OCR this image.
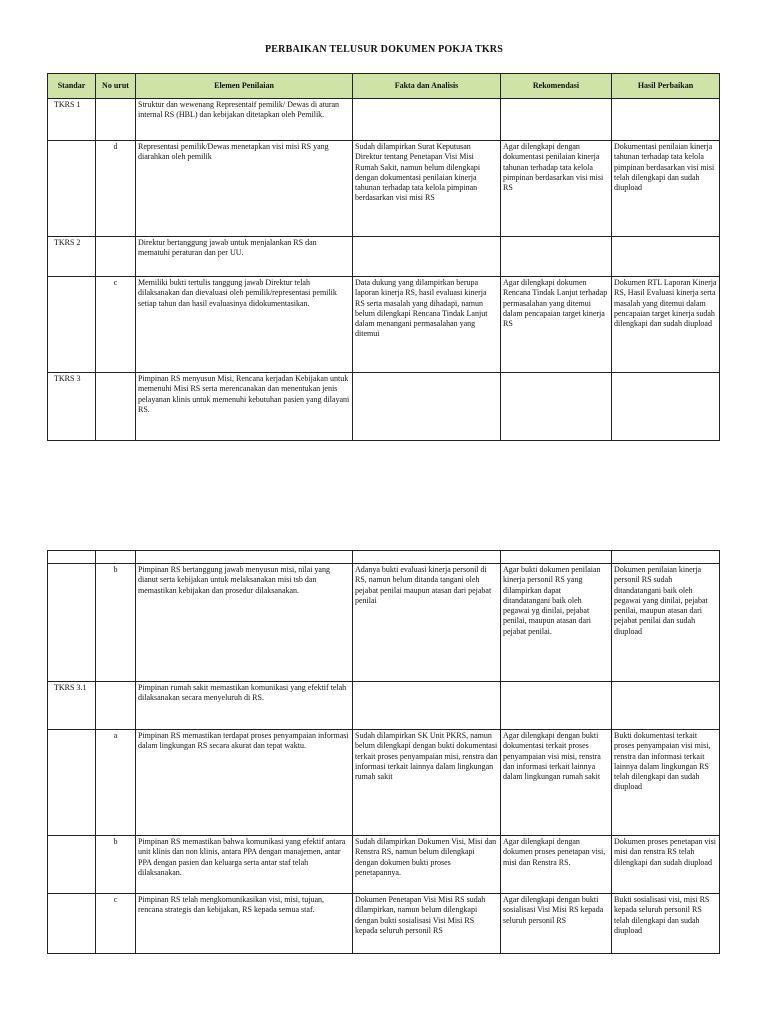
PERBAIKAN TELUSUR DOKUMEN POKJA TKRS
Standar	No urut	Elemen Penilaian	Fakta dan Analisis	Rekomendasi	Hasil Perbaikan
TKRS 1		Struktur dan wewenang Representaif pemilik/ Dewas di aturan internal RS (HBL) dan kebijakan ditetapkan oleh Pemilik.			
	d	Representasi pemilik/Dewas menetapkan visi misi RS yang diarahkan oleh pemilik	Sudah dilampirkan Surat Keputusan Direktur tentang Penetapan Visi Misi Rumah Sakit, namun belum dilengkapi dengan dokumentasi penilaian kinerja tahunan terhadap tata kelola pimpinan berdasarkan visi misi RS	Agar dilengkapi dengan dokumentasi penilaian kinerja tahunan terhadap tata kelola pimpinan berdasarkan visi misi RS	Dokumentasi penilaian kinerja tahunan terhadap tata kelola pimpinan berdasarkan visi misi telah dilengkapi dan sudah diupload
TKRS 2		Direktur bertanggung jawab untuk menjalankan RS dan mematuhi peraturan dan per UU.			
	c	Memiliki bukti tertulis tanggung jawab Direktur telah dilaksanakan dan dievaluasi oleh pemilik/representasi pemilik setiap tahun dan hasil evaluasinya didokumentasikan.	Data dukung yang dilampirkan berupa laporan kinerja RS, hasil evaluasi kinerja RS serta masalah yang dihadapi, namun belum dilengkapi Rencana Tindak Lanjut dalam menangani permasalahan yang ditemui	Agar dilengkapi dokumen Rencana Tindak Lanjut terhadap permasalahan yang ditemui dalam pencapaian target kinerja RS	Dokumen RTL Laporan Kinerja RS, Hasil Evaluasi kinerja serta masalah yang ditemui dalam pencapaian target kinerja sudah dilengkapi dan sudah diupload
TKRS 3		Pimpinan RS menyusun Misi, Rencana kerjadan Kebijakan untuk memenuhi Misi RS serta merencanakan dan menentukan jenis pelayanan klinis untuk memenuhi kebutuhan pasien yang dilayani RS.			

	b	Pimpinan RS bertanggung jawab menyusun misi, nilai yang dianut serta kebijakan untuk melaksanakan misi tsb dan memastikan kebijakan dan prosedur dilaksanakan.	Adanya bukti evaluasi kinerja personil di RS, namun belum ditanda tangani oleh pejabat penilai maupun atasan dari pejabat penilai	Agar bukti dokumen penilaian kinerja personil RS yang dilampirkan dapat ditandatangani baik oleh pegawai yg dinilai, pejabat penilai, maupun atasan dari pejabat penilai.	Dokumen penilaian kinerja personil RS sudah ditandatangani baik oleh pegawai yang dinilai, pejabat penilai, maupun atasan dari pejabat penilai dan sudah diupload
TKRS 3.1		Pimpinan rumah sakit memastikan komunikasi yang efektif telah dilaksanakan secara menyeluruh di RS.			
	a	Pimpinan RS memastikan terdapat proses penyampaian informasi dalam lingkungan RS secara akurat dan tepat waktu.	Sudah dilampirkan SK Unit PKRS, namun belum dilengkapi dengan bukti dokumentasi terkait proses penyampaian misi, renstra dan informasi terkait lainnya dalam lingkungan rumah sakit	Agar dilengkapi dengan bukti dokumentasi terkait proses penyampaian visi misi, renstra dan informasi terkait lainnya dalam lingkungan rumah sakit	Bukti dokumentasi terkait proses penyampaian visi misi, renstra dan informasi terkait lainnya dalam lingkungan RS telah dilengkapi dan sudah diupload
	b	Pimpinan RS memastikan bahwa komunikasi yang efektif antara unit klinis dan non klinis, antara PPA dengan manajemen, antar PPA dengan pasien dan keluarga serta antar staf telah dilaksanakan.	Sudah dilampirkan Dokumen Visi, Misi dan Renstra RS, namun belum dilengkapi dengan dokumen bukti proses penetapannya.	Agar dilengkapi dengan dokumen proses penetapan visi, misi dan Renstra RS.	Dokumen proses penetapan visi misi dan renstra RS telah dilengkapi dan sudah diupload
	c	Pimpinan RS telah mengkomunikasikan visi, misi, tujuan, rencana strategis dan kebijakan, RS kepada semua staf.	Dokumen Penetapan Visi Misi RS sudah dilampirkan, namun belum dilengkapi dengan bukti sosialisasi Visi Misi RS kepada seluruh personil RS	Agar dilengkapi dengan bukti sosialisasi Visi Misi RS kepada seluruh personil RS	Bukti sosialisasi visi, misi RS kepada seluruh personil RS telah dilengkapi dan sudah diupload
